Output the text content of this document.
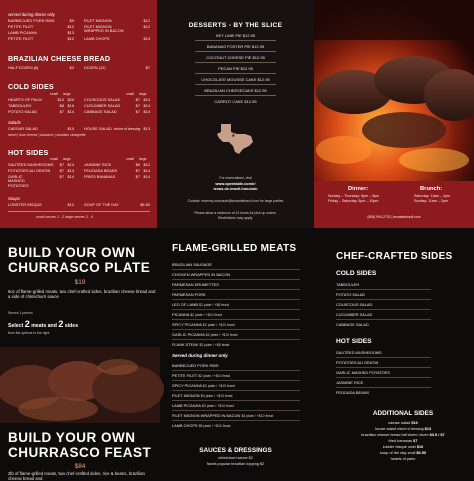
served during dinner only
BARBECUED PORK RIBS	$9
PETITE FILET	$12
LAMB PICANHA	$13
PETITE FILET	$12
FILET MIGNON	$12
FILET MIGNON WRAPPED IN BACON
$12
LAMB CHOPS	$13
BRAZILIAN CHEESE BREAD
HALF DOZEN (6)	$3	DOZEN (12)	$7
COLD SIDES
small large	small large
HEARTS OF PALM	$10 $20
TABBOULEH	$8 $16
POTATO SALAD	$7 $14
COUSCOUS SALAD	$7 $14
CUCUMBER SALAD	$7 $14
CABBAGE SALAD	$7 $14
Salads
CAESAR SALAD	$10	HOUSE SALAD choice of dressing $13
ranch | blue cheese | balsamic | brazilian vinaigrette
HOT SIDES
small large	small large
SAUTÉED MUSHROOMS	$7 $14
POTATOES AU GRATIN	$7 $14
GARLIC MASHED POTATOES
$7 $14
JASMINE RICE	$6 $12
FEIJOADA BEANS	$7 $14
FRIED BANANAS	$7 $14
Soups
LOBSTER BISQUE	$10	SOUP OF THE DAY	$6.50
small serves 1 - 2 large serves 3 - 4
DESSERTS - BY THE SLICE
KEY LIME PIE $12.95
BANANAS FOSTER PIE $12.95
COCONUT CHEESE PIE $12.95
PECAN PIE $12.95
CHOCOLATE MOUSSE CAKE $12.95
BRAZILIAN CHEESECAKE $12.95
CARROT CAKE $12.95
For reservations, visit
www.opentable.com/r/
texas-de-brazil-honolulu
Contact: mammy.cournade@texasdebrazil.com for large parties
Please allow a minimum of 24 hours for pick up orders.
Restrictions may apply.
Dinner:
Sunday – Thursday: 5pm – 9pm
Friday – Saturday: 5pm – 10pm
Brunch:
Saturday: 11am – 2pm
Sunday: 11am – 2pm
(808) 994-2702 | texasdebrazil.com
BUILD YOUR OWN
CHURRASCO PLATE
$19
8oz of flame-grilled meats, two chef-crafted sides, brazilian cheese bread and a side of chimichurri sauce
Serves 1 person
Select 2 meats and 2 sides
from the options to the right
BUILD YOUR OWN
CHURRASCO FEAST
$84
2lb of flame-grilled meats, two chef-crafted sides, rice & beans, brazilian cheese bread and
FLAME-GRILLED MEATS
BRAZILIAN SAUSAGE
CHICKEN WRAPPED IN BACON
PARMESAN DRUMETTES
PARMESAN PORK
LEG OF LAMB $2 plate / +$8 feast
PICANHA $2 plate / +$10 feast
SPICY PICANHA $2 plate / +$10 feast
GARLIC PICANHA $2 plate / +$10 feast
FLANK STEAK $2 plate / +$8 feast
Served during dinner only
BARBECUED PORK RIBS
PETITE FILET $2 plate / +$10 feast
SPICY PICANHA $2 plate / +$10 feast
FILET MIGNON $3 plate / +$10 feast
LAMB PICANHA $3 plate / +$10 feast
FILET MIGNON WRAPPED IN BACON $3 plate / +$10 feast
LAMB CHOPS $8 plate / +$10 feast
SAUCES & DRESSINGS
chimichurri sauce $2
farofa popular brazilian topping $2
CHEF-CRAFTED SIDES
COLD SIDES
TABBOULEH
POTATO SALAD
COUSCOUS SALAD
CUCUMBER SALAD
CABBAGE SALAD
HOT SIDES
SAUTÉED MUSHROOMS
POTATOES AU GRATIN
GARLIC MASHED POTATOES
JASMINE RICE
FEIJOADA BEANS
ADDITIONAL SIDES
caesar salad $10
house salad choice of dressing $13
brazilian cheese bread half dozen / dozen $3.5 / $7
fried bananas $7
lobster bisque small $10
soup of the day small $6.50
hearts of palm
